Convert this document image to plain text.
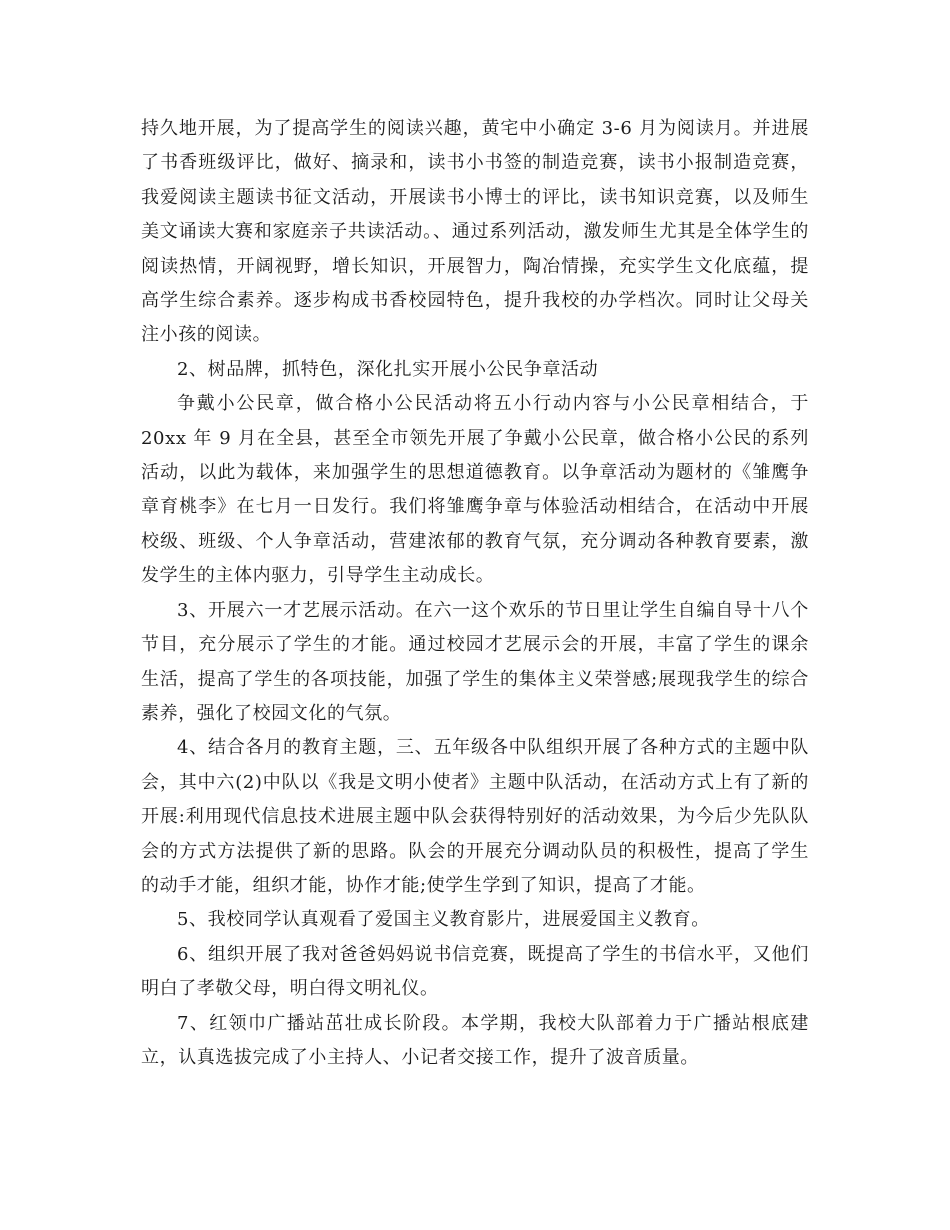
持久地开展，为了提高学生的阅读兴趣，黄宅中小确定 3-6 月为阅读月。并进展了书香班级评比，做好、摘录和，读书小书签的制造竞赛，读书小报制造竞赛，我爱阅读主题读书征文活动，开展读书小博士的评比，读书知识竞赛，以及师生美文诵读大赛和家庭亲子共读活动。、通过系列活动，激发师生尤其是全体学生的阅读热情，开阔视野，增长知识，开展智力，陶冶情操，充实学生文化底蕴，提高学生综合素养。逐步构成书香校园特色，提升我校的办学档次。同时让父母关注小孩的阅读。

2、树品牌，抓特色，深化扎实开展小公民争章活动

争戴小公民章，做合格小公民活动将五小行动内容与小公民章相结合，于20xx 年 9 月在全县，甚至全市领先开展了争戴小公民章，做合格小公民的系列活动，以此为载体，来加强学生的思想道德教育。以争章活动为题材的《雏鹰争章育桃李》在七月一日发行。我们将雏鹰争章与体验活动相结合，在活动中开展校级、班级、个人争章活动，营建浓郁的教育气氛，充分调动各种教育要素，激发学生的主体内驱力，引导学生主动成长。

3、开展六一才艺展示活动。在六一这个欢乐的节日里让学生自编自导十八个节目，充分展示了学生的才能。通过校园才艺展示会的开展，丰富了学生的课余生活，提高了学生的各项技能，加强了学生的集体主义荣誉感;展现我学生的综合素养，强化了校园文化的气氛。

4、结合各月的教育主题，三、五年级各中队组织开展了各种方式的主题中队会，其中六(2)中队以《我是文明小使者》主题中队活动，在活动方式上有了新的开展:利用现代信息技术进展主题中队会获得特别好的活动效果，为今后少先队队会的方式方法提供了新的思路。队会的开展充分调动队员的积极性，提高了学生的动手才能，组织才能，协作才能;使学生学到了知识，提高了才能。

5、我校同学认真观看了爱国主义教育影片，进展爱国主义教育。

6、组织开展了我对爸爸妈妈说书信竞赛，既提高了学生的书信水平，又他们明白了孝敬父母，明白得文明礼仪。

7、红领巾广播站茁壮成长阶段。本学期，我校大队部着力于广播站根底建立，认真选拔完成了小主持人、小记者交接工作，提升了波音质量。
